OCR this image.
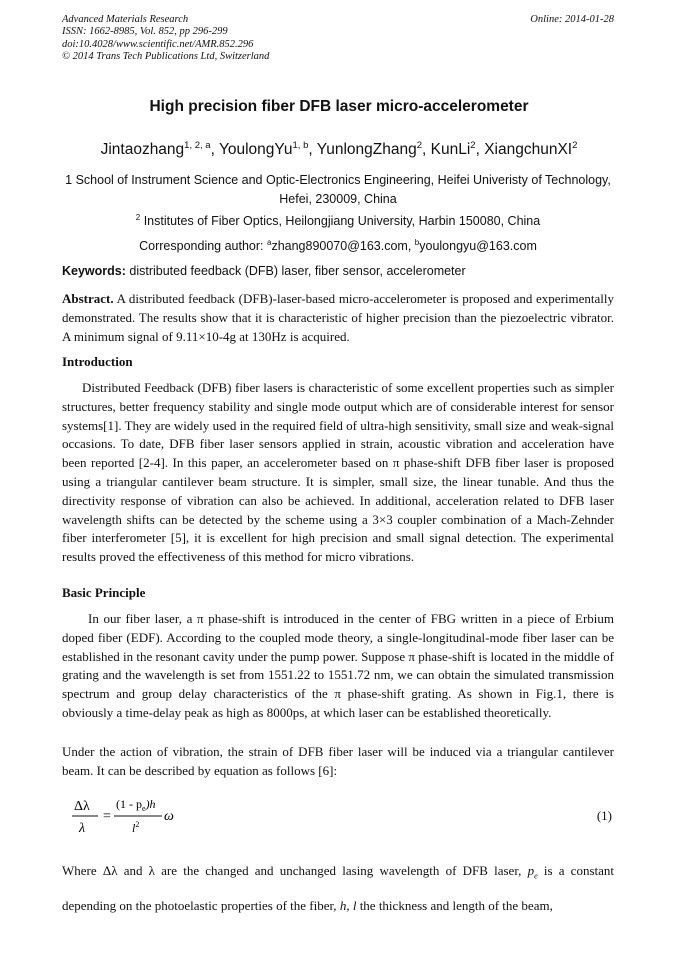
Advanced Materials Research
ISSN: 1662-8985, Vol. 852, pp 296-299
doi:10.4028/www.scientific.net/AMR.852.296
© 2014 Trans Tech Publications Ltd, Switzerland
Online: 2014-01-28
High precision fiber DFB laser micro-accelerometer
Jintaozhang$^{1, 2, a}$, YoulongYu$^{1, b}$, YunlongZhang$^2$, KunLi$^2$, XiangchunXI$^2$
1 School of Instrument Science and Optic-Electronics Engineering, Heifei Univeristy of Technology, Hefei, 230009, China
$^2$ Institutes of Fiber Optics, Heilongjiang University, Harbin 150080, China
Corresponding author: $^a$zhang890070@163.com, $^b$youlongyu@163.com
Keywords: distributed feedback (DFB) laser, fiber sensor, accelerometer
Abstract. A distributed feedback (DFB)-laser-based micro-accelerometer is proposed and experimentally demonstrated. The results show that it is characteristic of higher precision than the piezoelectric vibrator. A minimum signal of 9.11×10-4g at 130Hz is acquired.
Introduction
Distributed Feedback (DFB) fiber lasers is characteristic of some excellent properties such as simpler structures, better frequency stability and single mode output which are of considerable interest for sensor systems[1]. They are widely used in the required field of ultra-high sensitivity, small size and weak-signal occasions. To date, DFB fiber laser sensors applied in strain, acoustic vibration and acceleration have been reported [2-4]. In this paper, an accelerometer based on π phase-shift DFB fiber laser is proposed using a triangular cantilever beam structure. It is simpler, small size, the linear tunable. And thus the directivity response of vibration can also be achieved. In additional, acceleration related to DFB laser wavelength shifts can be detected by the scheme using a 3×3 coupler combination of a Mach-Zehnder fiber interferometer [5], it is excellent for high precision and small signal detection. The experimental results proved the effectiveness of this method for micro vibrations.
Basic Principle
In our fiber laser, a π phase-shift is introduced in the center of FBG written in a piece of Erbium doped fiber (EDF). According to the coupled mode theory, a single-longitudinal-mode fiber laser can be established in the resonant cavity under the pump power. Suppose π phase-shift is located in the middle of grating and the wavelength is set from 1551.22 to 1551.72 nm, we can obtain the simulated transmission spectrum and group delay characteristics of the π phase-shift grating. As shown in Fig.1, there is obviously a time-delay peak as high as 8000ps, at which laser can be established theoretically.
Under the action of vibration, the strain of DFB fiber laser will be induced via a triangular cantilever beam. It can be described by equation as follows [6]:
Δλ
λ
=
$(1 - p_e)h$
$l^2$
ω	(1)
Where Δλ and λ are the changed and unchanged lasing wavelength of DFB laser, $p_e$ is a constant depending on the photoelastic properties of the fiber, h, l the thickness and length of the beam,
